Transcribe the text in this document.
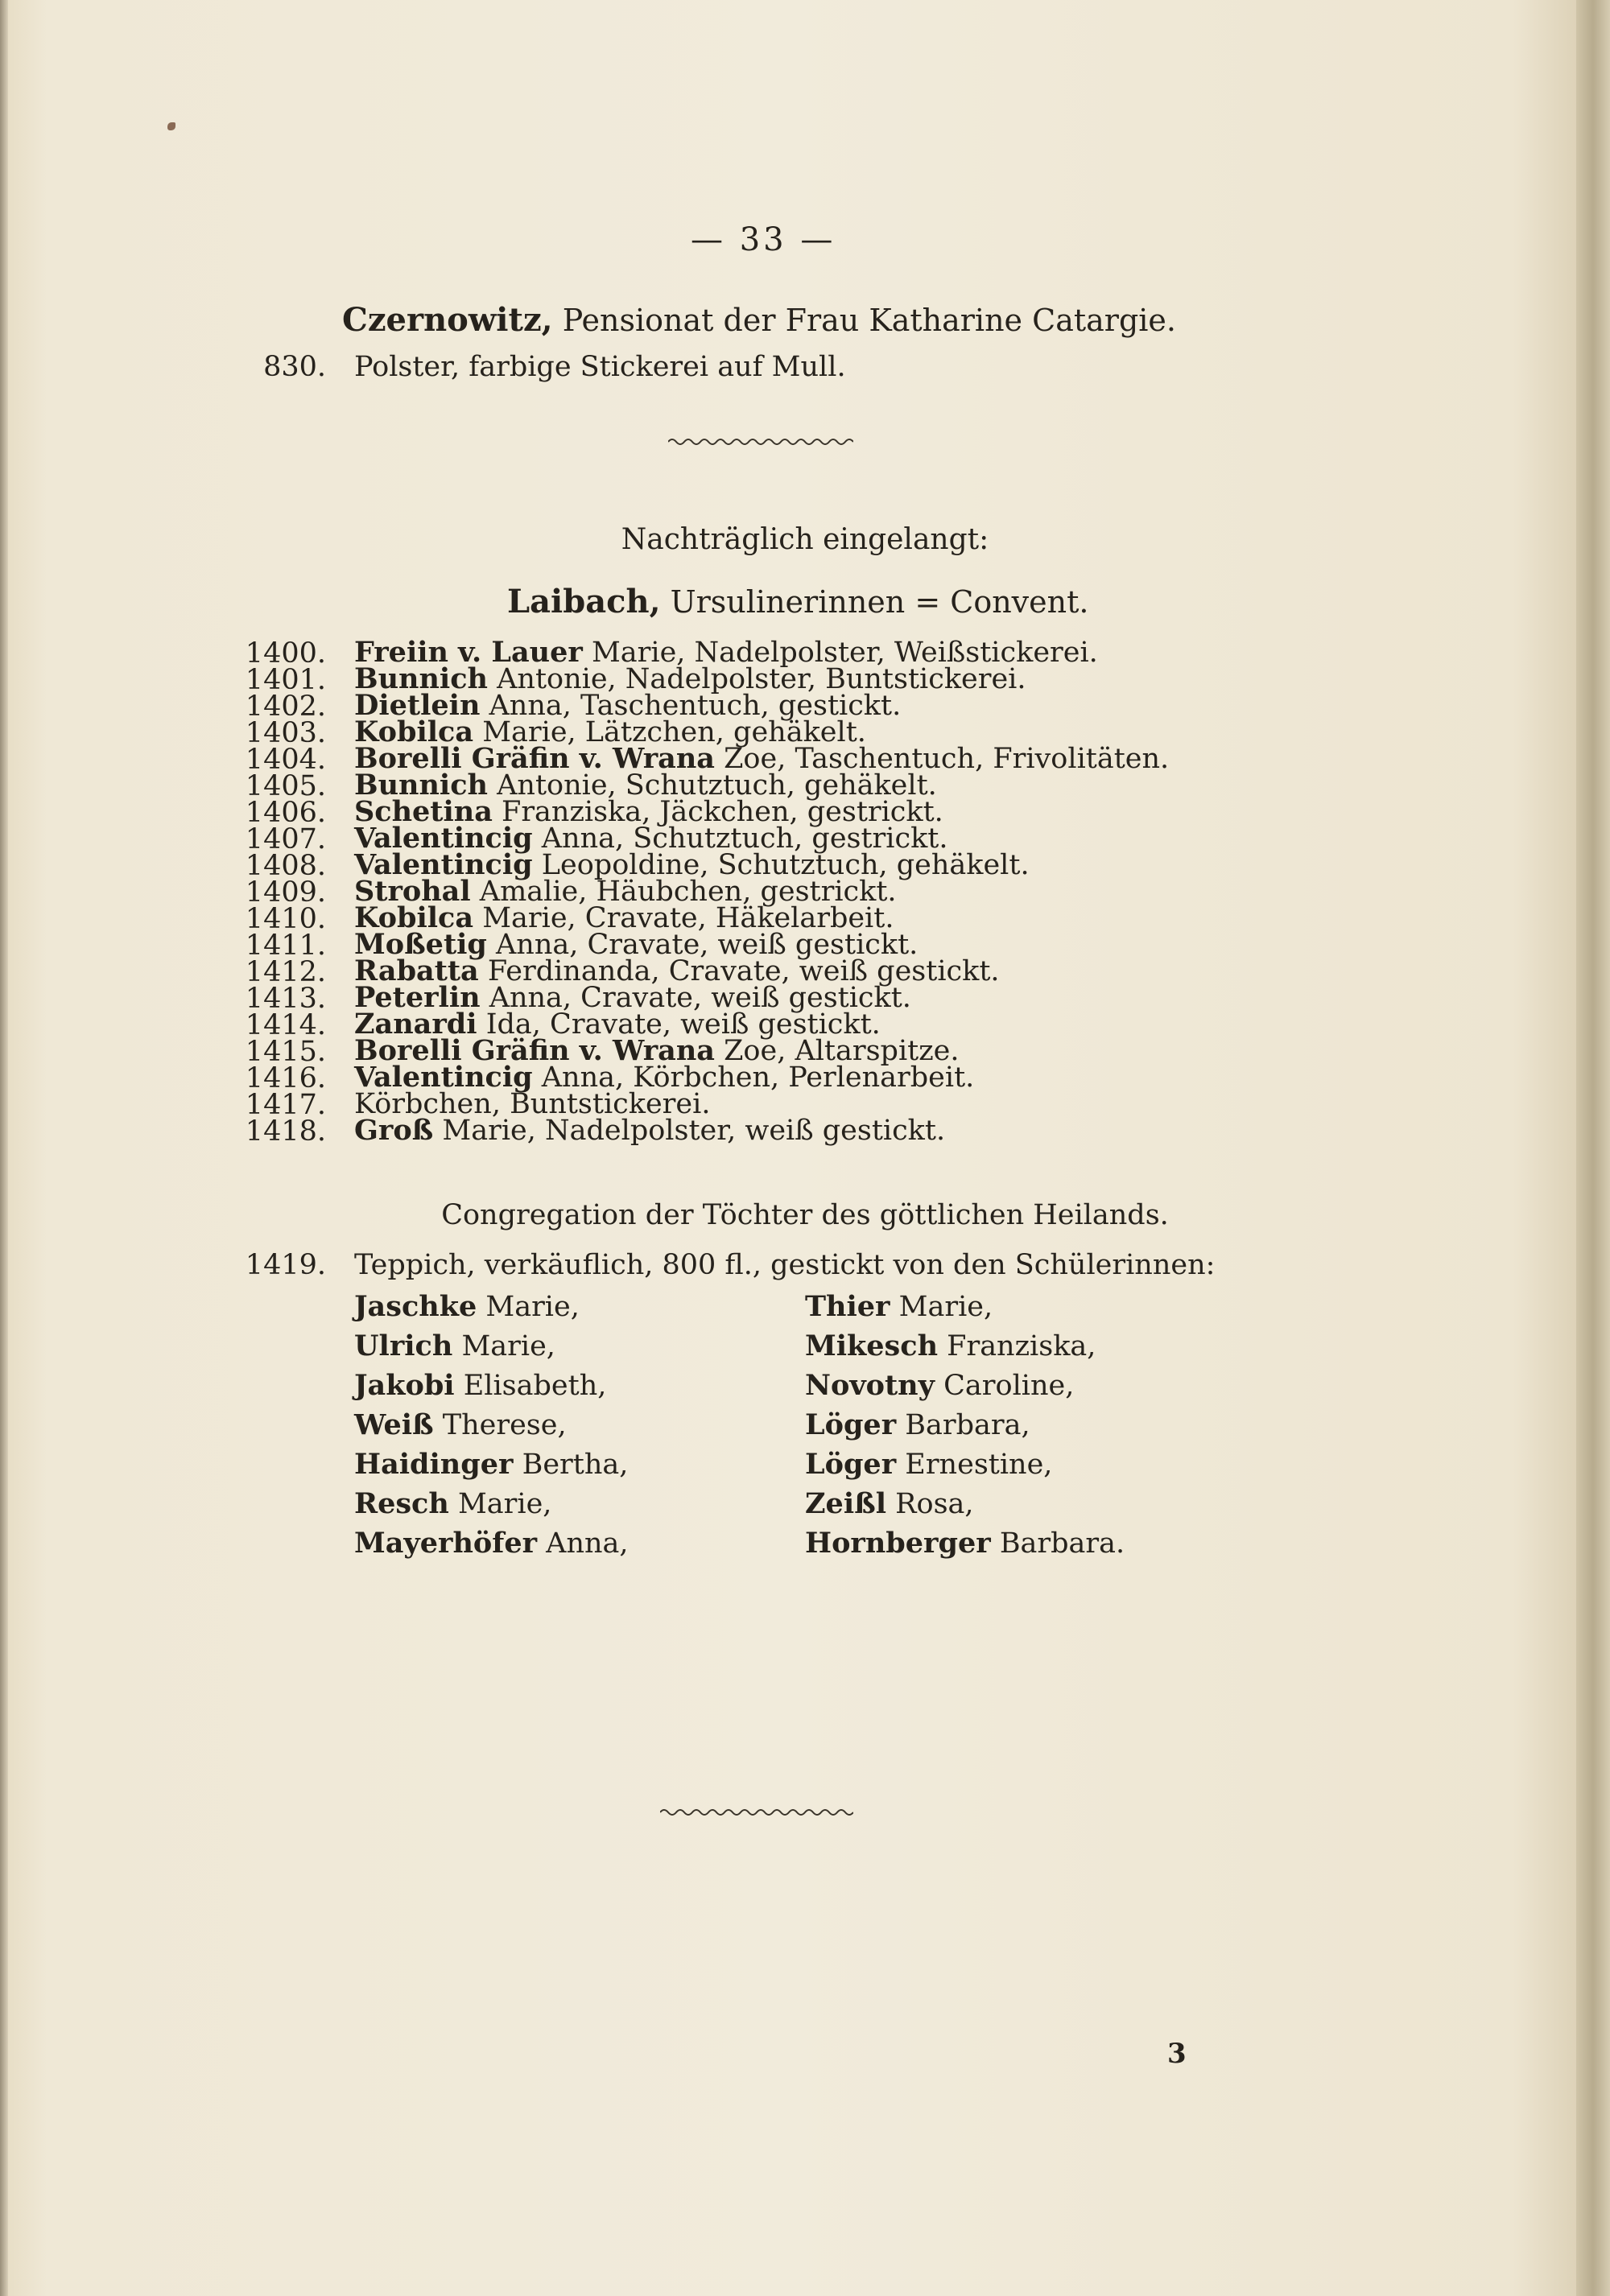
— 33 —
Czernowitz, Pensionat der Frau Katharine Catargie.
830. Polster, farbige Stickerei auf Mull.
Nachträglich eingelangt:
Laibach, Ursulinerinnen = Convent.
1400. Freiin v. Lauer Marie, Nadelpolster, Weißstickerei.
1401. Bunnich Antonie, Nadelpolster, Buntstickerei.
1402. Dietlein Anna, Taschentuch, gestickt.
1403. Kobilca Marie, Lätzchen, gehäkelt.
1404. Borelli Gräfin v. Wrana Zoe, Taschentuch, Frivolitäten.
1405. Bunnich Antonie, Schutztuch, gehäkelt.
1406. Schetina Franziska, Jäckchen, gestrickt.
1407. Valentincig Anna, Schutztuch, gestrickt.
1408. Valentincig Leopoldine, Schutztuch, gehäkelt.
1409. Strohal Amalie, Häubchen, gestrickt.
1410. Kobilca Marie, Cravate, Häkelarbeit.
1411. Moßetig Anna, Cravate, weiß gestickt.
1412. Rabatta Ferdinanda, Cravate, weiß gestickt.
1413. Peterlin Anna, Cravate, weiß gestickt.
1414. Zanardi Ida, Cravate, weiß gestickt.
1415. Borelli Gräfin v. Wrana Zoe, Altarspitze.
1416. Valentincig Anna, Körbchen, Perlenarbeit.
1417. Körbchen, Buntstickerei.
1418. Groß Marie, Nadelpolster, weiß gestickt.
Congregation der Töchter des göttlichen Heilands.
1419. Teppich, verkäuflich, 800 fl., gestickt von den Schülerinnen:
Jaschke Marie,
Ulrich Marie,
Jakobi Elisabeth,
Weiß Therese,
Haidinger Bertha,
Resch Marie,
Mayerhöfer Anna,
Thier Marie,
Mikesch Franziska,
Novotny Caroline,
Löger Barbara,
Löger Ernestine,
Zeißl Rosa,
Hornberger Barbara.
3
